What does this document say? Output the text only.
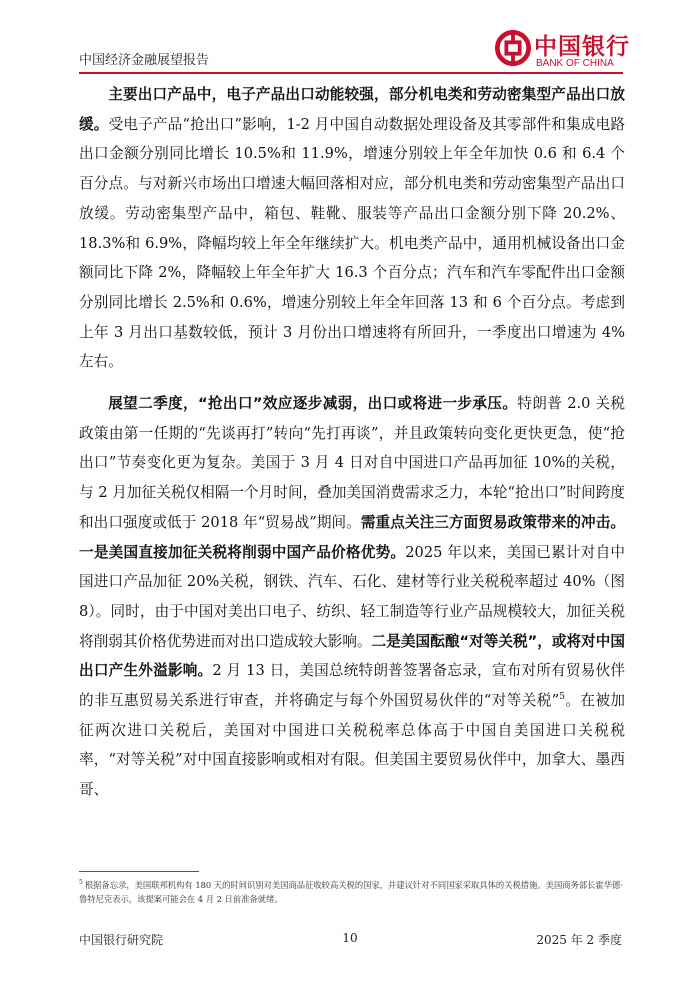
中国经济金融展望报告
中国银行
BANK OF CHINA

主要出口产品中，电子产品出口动能较强，部分机电类和劳动密集型产品出口放缓。受电子产品“抢出口”影响，1-2 月中国自动数据处理设备及其零部件和集成电路出口金额分别同比增长 10.5%和 11.9%，增速分别较上年全年加快 0.6 和 6.4 个百分点。与对新兴市场出口增速大幅回落相对应，部分机电类和劳动密集型产品出口放缓。劳动密集型产品中，箱包、鞋靴、服装等产品出口金额分别下降 20.2%、18.3%和 6.9%，降幅均较上年全年继续扩大。机电类产品中，通用机械设备出口金额同比下降 2%，降幅较上年全年扩大 16.3 个百分点；汽车和汽车零配件出口金额分别同比增长 2.5%和 0.6%，增速分别较上年全年回落 13 和 6 个百分点。考虑到上年 3 月出口基数较低，预计 3 月份出口增速将有所回升，一季度出口增速为 4%左右。

展望二季度，“抢出口”效应逐步减弱，出口或将进一步承压。特朗普 2.0 关税政策由第一任期的“先谈再打”转向“先打再谈”，并且政策转向变化更快更急，使“抢出口”节奏变化更为复杂。美国于 3 月 4 日对自中国进口产品再加征 10%的关税，与 2 月加征关税仅相隔一个月时间，叠加美国消费需求乏力，本轮“抢出口”时间跨度和出口强度或低于 2018 年“贸易战”期间。需重点关注三方面贸易政策带来的冲击。一是美国直接加征关税将削弱中国产品价格优势。2025 年以来，美国已累计对自中国进口产品加征 20%关税，钢铁、汽车、石化、建材等行业关税税率超过 40%（图 8）。同时，由于中国对美出口电子、纺织、轻工制造等行业产品规模较大，加征关税将削弱其价格优势进而对出口造成较大影响。二是美国酝酿“对等关税”，或将对中国出口产生外溢影响。2 月 13 日，美国总统特朗普签署备忘录，宣布对所有贸易伙伴的非互惠贸易关系进行审查，并将确定与每个外国贸易伙伴的“对等关税”$^5$。在被加征两次进口关税后，美国对中国进口关税税率总体高于中国自美国进口关税税率，“对等关税”对中国直接影响或相对有限。但美国主要贸易伙伴中，加拿大、墨西哥、

$^5$ 根据备忘录，美国联邦机构有 180 天的时间识别对美国商品征收较高关税的国家，并建议针对不同国家采取具体的关税措施。美国商务部长霍华德·鲁特尼克表示，该提案可能会在 4 月 2 日前准备就绪。
中国银行研究院	10	2025 年 2 季度
